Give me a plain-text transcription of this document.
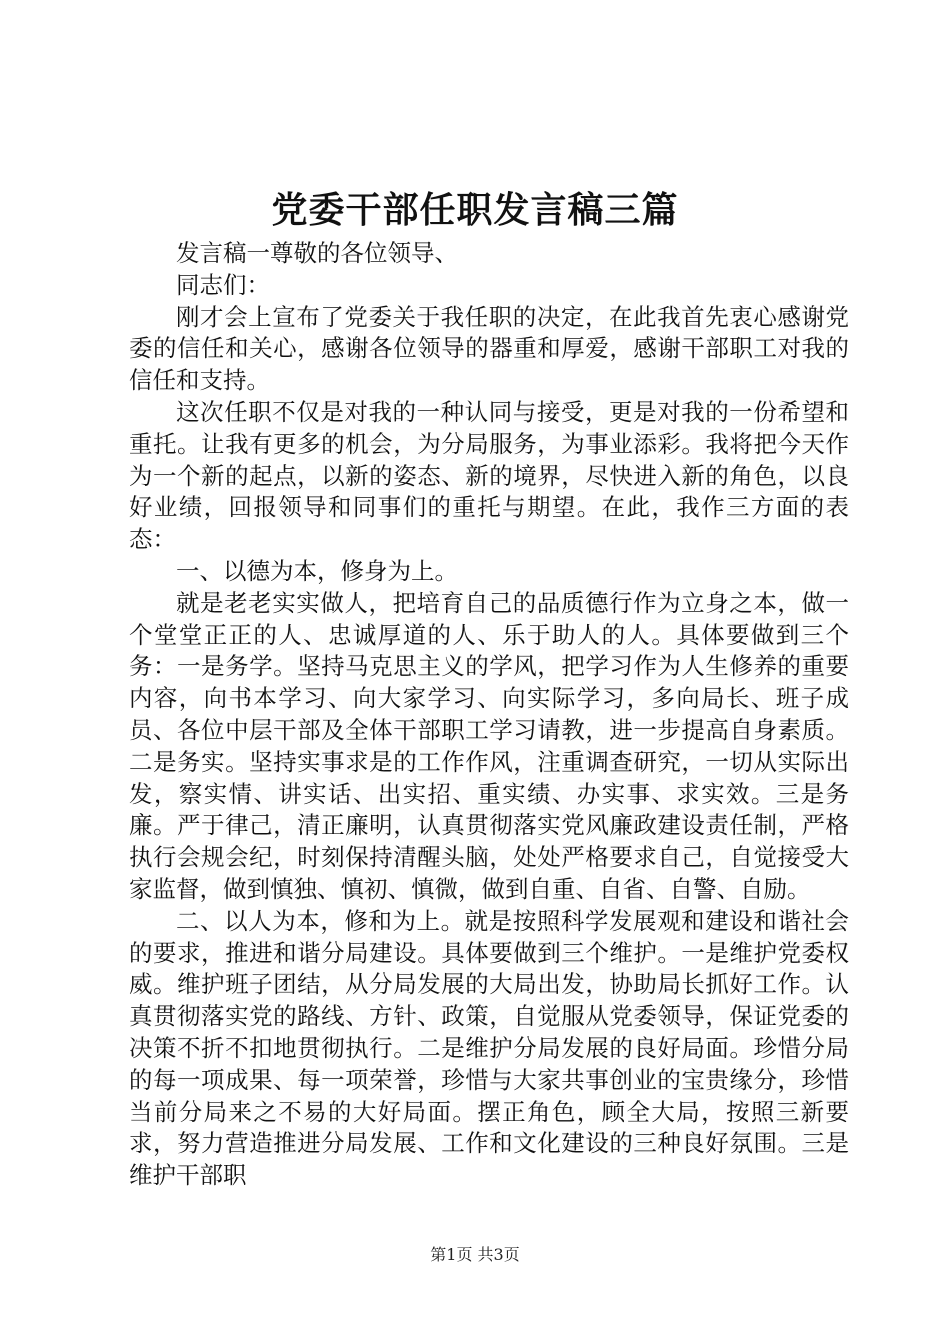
党委干部任职发言稿三篇

发言稿一尊敬的各位领导、

同志们：

刚才会上宣布了党委关于我任职的决定，在此我首先衷心感谢党委的信任和关心，感谢各位领导的器重和厚爱，感谢干部职工对我的信任和支持。

这次任职不仅是对我的一种认同与接受，更是对我的一份希望和重托。让我有更多的机会，为分局服务，为事业添彩。我将把今天作为一个新的起点，以新的姿态、新的境界，尽快进入新的角色，以良好业绩，回报领导和同事们的重托与期望。在此，我作三方面的表态：

一、以德为本，修身为上。

就是老老实实做人，把培育自己的品质德行作为立身之本，做一个堂堂正正的人、忠诚厚道的人、乐于助人的人。具体要做到三个务：一是务学。坚持马克思主义的学风，把学习作为人生修养的重要内容，向书本学习、向大家学习、向实际学习，多向局长、班子成员、各位中层干部及全体干部职工学习请教，进一步提高自身素质。二是务实。坚持实事求是的工作作风，注重调查研究，一切从实际出发，察实情、讲实话、出实招、重实绩、办实事、求实效。三是务廉。严于律己，清正廉明，认真贯彻落实党风廉政建设责任制，严格执行会规会纪，时刻保持清醒头脑，处处严格要求自己，自觉接受大家监督，做到慎独、慎初、慎微，做到自重、自省、自警、自励。

二、以人为本，修和为上。就是按照科学发展观和建设和谐社会的要求，推进和谐分局建设。具体要做到三个维护。一是维护党委权威。维护班子团结，从分局发展的大局出发，协助局长抓好工作。认真贯彻落实党的路线、方针、政策，自觉服从党委领导，保证党委的决策不折不扣地贯彻执行。二是维护分局发展的良好局面。珍惜分局的每一项成果、每一项荣誉，珍惜与大家共事创业的宝贵缘分，珍惜当前分局来之不易的大好局面。摆正角色，顾全大局，按照三新要求，努力营造推进分局发展、工作和文化建设的三种良好氛围。三是维护干部职

第1页 共3页
